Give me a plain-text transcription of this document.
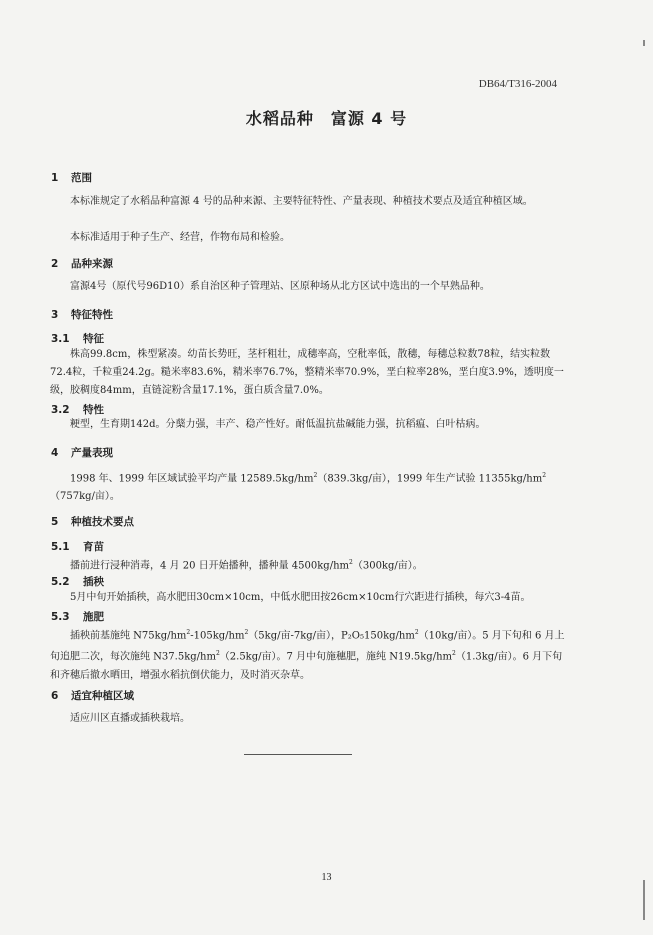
DB64/T316-2004
水稻品种　富源 4 号
1 范围
本标准规定了水稻品种富源 4 号的品种来源、主要特征特性、产量表现、种植技术要点及适宜种植区域。
本标准适用于种子生产、经营，作物布局和检验。
2 品种来源
富源4号（原代号96D10）系自治区种子管理站、区原种场从北方区试中选出的一个早熟品种。
3 特征特性
3.1 特征
株高99.8cm，株型紧凑。幼苗长势旺，茎杆粗壮，成穗率高，空秕率低，散穗，每穗总粒数78粒，结实粒数72.4粒，千粒重24.2g。糙米率83.6%，精米率76.7%，整精米率70.9%，垩白粒率28%，垩白度3.9%，透明度一级，胶稠度84mm，直链淀粉含量17.1%，蛋白质含量7.0%。
3.2 特性
粳型，生育期142d。分蘖力强，丰产、稳产性好。耐低温抗盐碱能力强，抗稻瘟、白叶枯病。
4 产量表现
1998 年、1999 年区域试验平均产量 $12589.5kg/hm^2(839.3kg/$亩），1999 年生产试验 $11355kg/hm^2(757kg/$亩）。
5 种植技术要点
5.1 育苗
播前进行浸种消毒，4 月 20 日开始播种，播种量 $4500kg/hm^2(300kg/$亩）。
5.2 插秧
5月中旬开始插秧，高水肥田30cm×10cm，中低水肥田按26cm×10cm行穴距进行插秧，每穴3-4苗。
5.3 施肥
插秧前基施纯 $N75kg/hm^2-105kg/hm^2(5kg/$亩-7kg/亩），$P_2O_5150kg/hm^2(10kg/$亩）。5 月下旬和 6 月上旬追肥二次，每次施纯 $N37.5kg/hm^2(2.5kg/$亩）。7 月中旬施穗肥，施纯 $N19.5kg/hm^2(1.3kg/$亩）。6 月下旬和齐穗后撤水晒田，增强水稻抗倒伏能力，及时消灭杂草。
6 适宜种植区域
适应川区直播或插秧栽培。
13
